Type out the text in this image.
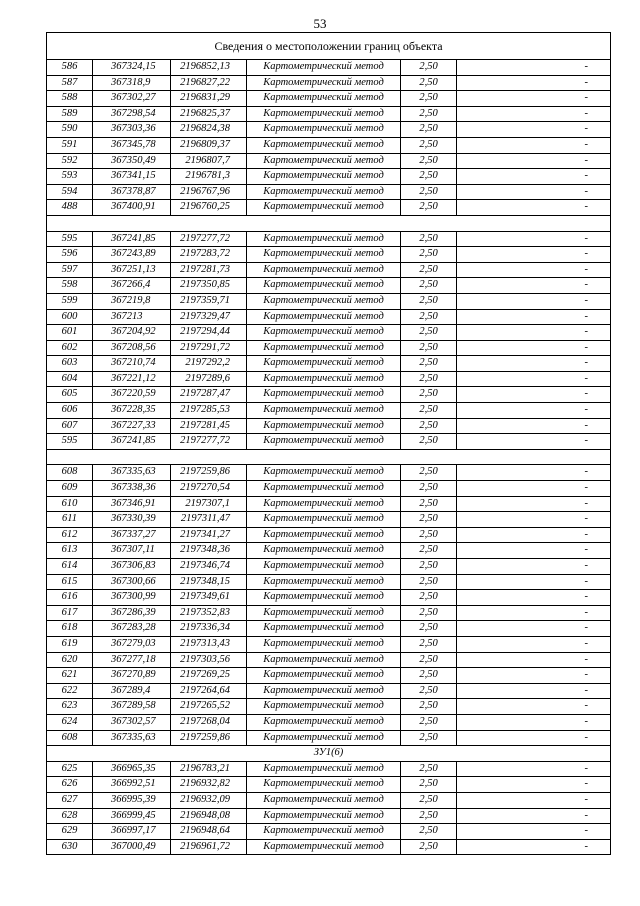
53
Сведения о местоположении границ объекта					
586	367324,15	2196852,13	Картометрический метод	2,50	-
587	367318,9	2196827,22	Картометрический метод	2,50	-
588	367302,27	2196831,29	Картометрический метод	2,50	-
589	367298,54	2196825,37	Картометрический метод	2,50	-
590	367303,36	2196824,38	Картометрический метод	2,50	-
591	367345,78	2196809,37	Картометрический метод	2,50	-
592	367350,49	2196807,7	Картометрический метод	2,50	-
593	367341,15	2196781,3	Картометрический метод	2,50	-
594	367378,87	2196767,96	Картометрический метод	2,50	-
488	367400,91	2196760,25	Картометрический метод	2,50	-

595	367241,85	2197277,72	Картометрический метод	2,50	-
596	367243,89	2197283,72	Картометрический метод	2,50	-
597	367251,13	2197281,73	Картометрический метод	2,50	-
598	367266,4	2197350,85	Картометрический метод	2,50	-
599	367219,8	2197359,71	Картометрический метод	2,50	-
600	367213	2197329,47	Картометрический метод	2,50	-
601	367204,92	2197294,44	Картометрический метод	2,50	-
602	367208,56	2197291,72	Картометрический метод	2,50	-
603	367210,74	2197292,2	Картометрический метод	2,50	-
604	367221,12	2197289,6	Картометрический метод	2,50	-
605	367220,59	2197287,47	Картометрический метод	2,50	-
606	367228,35	2197285,53	Картометрический метод	2,50	-
607	367227,33	2197281,45	Картометрический метод	2,50	-
595	367241,85	2197277,72	Картометрический метод	2,50	-

608	367335,63	2197259,86	Картометрический метод	2,50	-
609	367338,36	2197270,54	Картометрический метод	2,50	-
610	367346,91	2197307,1	Картометрический метод	2,50	-
611	367330,39	2197311,47	Картометрический метод	2,50	-
612	367337,27	2197341,27	Картометрический метод	2,50	-
613	367307,11	2197348,36	Картометрический метод	2,50	-
614	367306,83	2197346,74	Картометрический метод	2,50	-
615	367300,66	2197348,15	Картометрический метод	2,50	-
616	367300,99	2197349,61	Картометрический метод	2,50	-
617	367286,39	2197352,83	Картометрический метод	2,50	-
618	367283,28	2197336,34	Картометрический метод	2,50	-
619	367279,03	2197313,43	Картометрический метод	2,50	-
620	367277,18	2197303,56	Картометрический метод	2,50	-
621	367270,89	2197269,25	Картометрический метод	2,50	-
622	367289,4	2197264,64	Картометрический метод	2,50	-
623	367289,58	2197265,52	Картометрический метод	2,50	-
624	367302,57	2197268,04	Картометрический метод	2,50	-
608	367335,63	2197259,86	Картометрический метод	2,50	-
ЗУ1(6)					
625	366965,35	2196783,21	Картометрический метод	2,50	-
626	366992,51	2196932,82	Картометрический метод	2,50	-
627	366995,39	2196932,09	Картометрический метод	2,50	-
628	366999,45	2196948,08	Картометрический метод	2,50	-
629	366997,17	2196948,64	Картометрический метод	2,50	-
630	367000,49	2196961,72	Картометрический метод	2,50	-
